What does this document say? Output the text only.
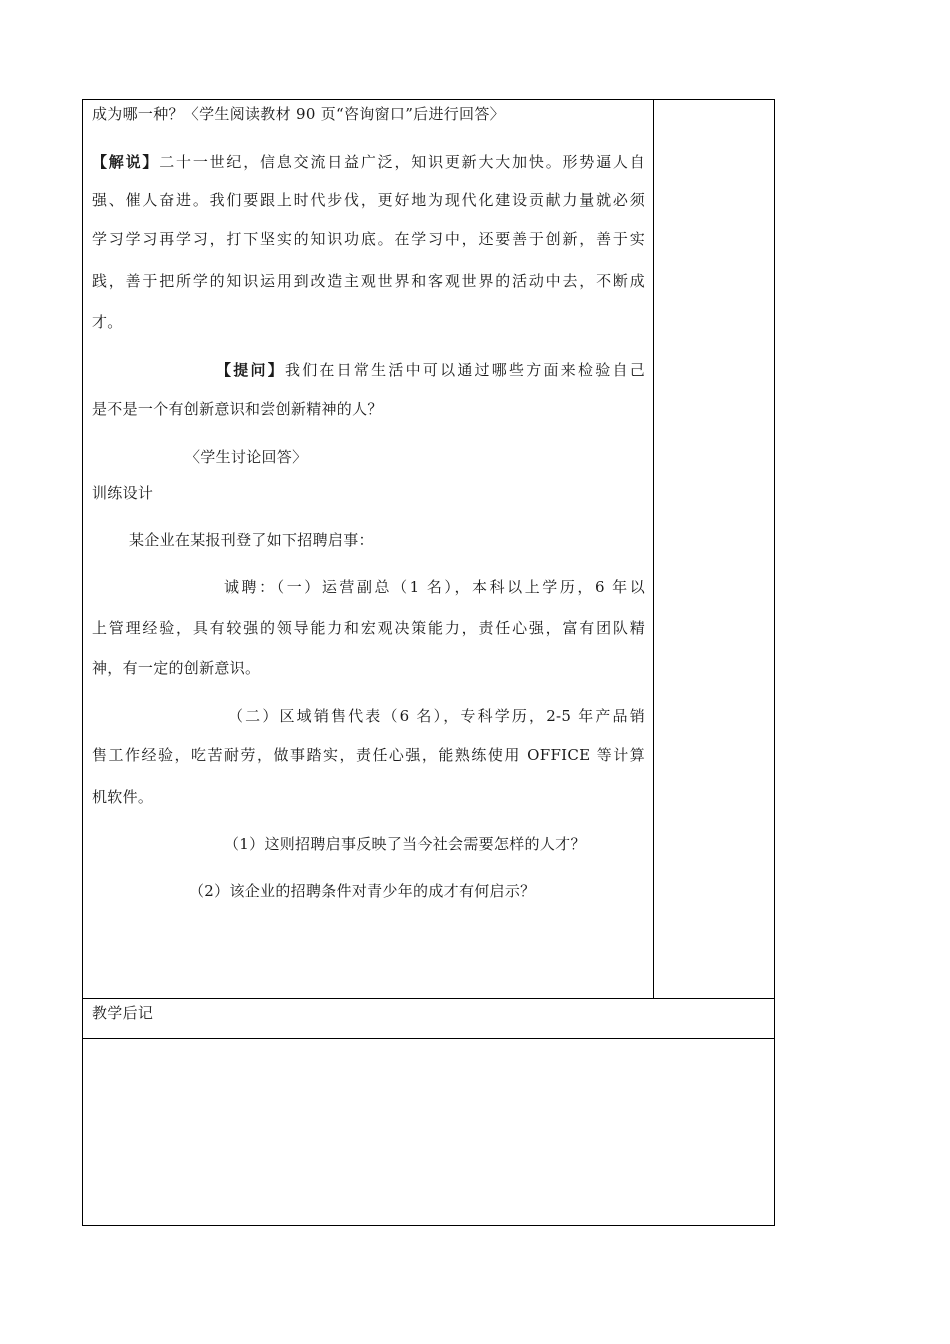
成为哪一种？〈学生阅读教材 90 页“咨询窗口”后进行回答〉
【解说】二十一世纪，信息交流日益广泛，知识更新大大加快。形势逼人自
强、催人奋进。我们要跟上时代步伐，更好地为现代化建设贡献力量就必须
学习学习再学习，打下坚实的知识功底。在学习中，还要善于创新，善于实
践，善于把所学的知识运用到改造主观世界和客观世界的活动中去，不断成
才。
【提问】我们在日常生活中可以通过哪些方面来检验自己
是不是一个有创新意识和尝创新精神的人？
〈学生讨论回答〉
训练设计
某企业在某报刊登了如下招聘启事：
诚聘：（一）运营副总（1 名），本科以上学历，6 年以
上管理经验，具有较强的领导能力和宏观决策能力，责任心强，富有团队精
神，有一定的创新意识。
（二）区域销售代表（6 名），专科学历，2-5 年产品销
售工作经验，吃苦耐劳，做事踏实，责任心强，能熟练使用 OFFICE 等计算
机软件。
（1）这则招聘启事反映了当今社会需要怎样的人才？
（2）该企业的招聘条件对青少年的成才有何启示？
教学后记
